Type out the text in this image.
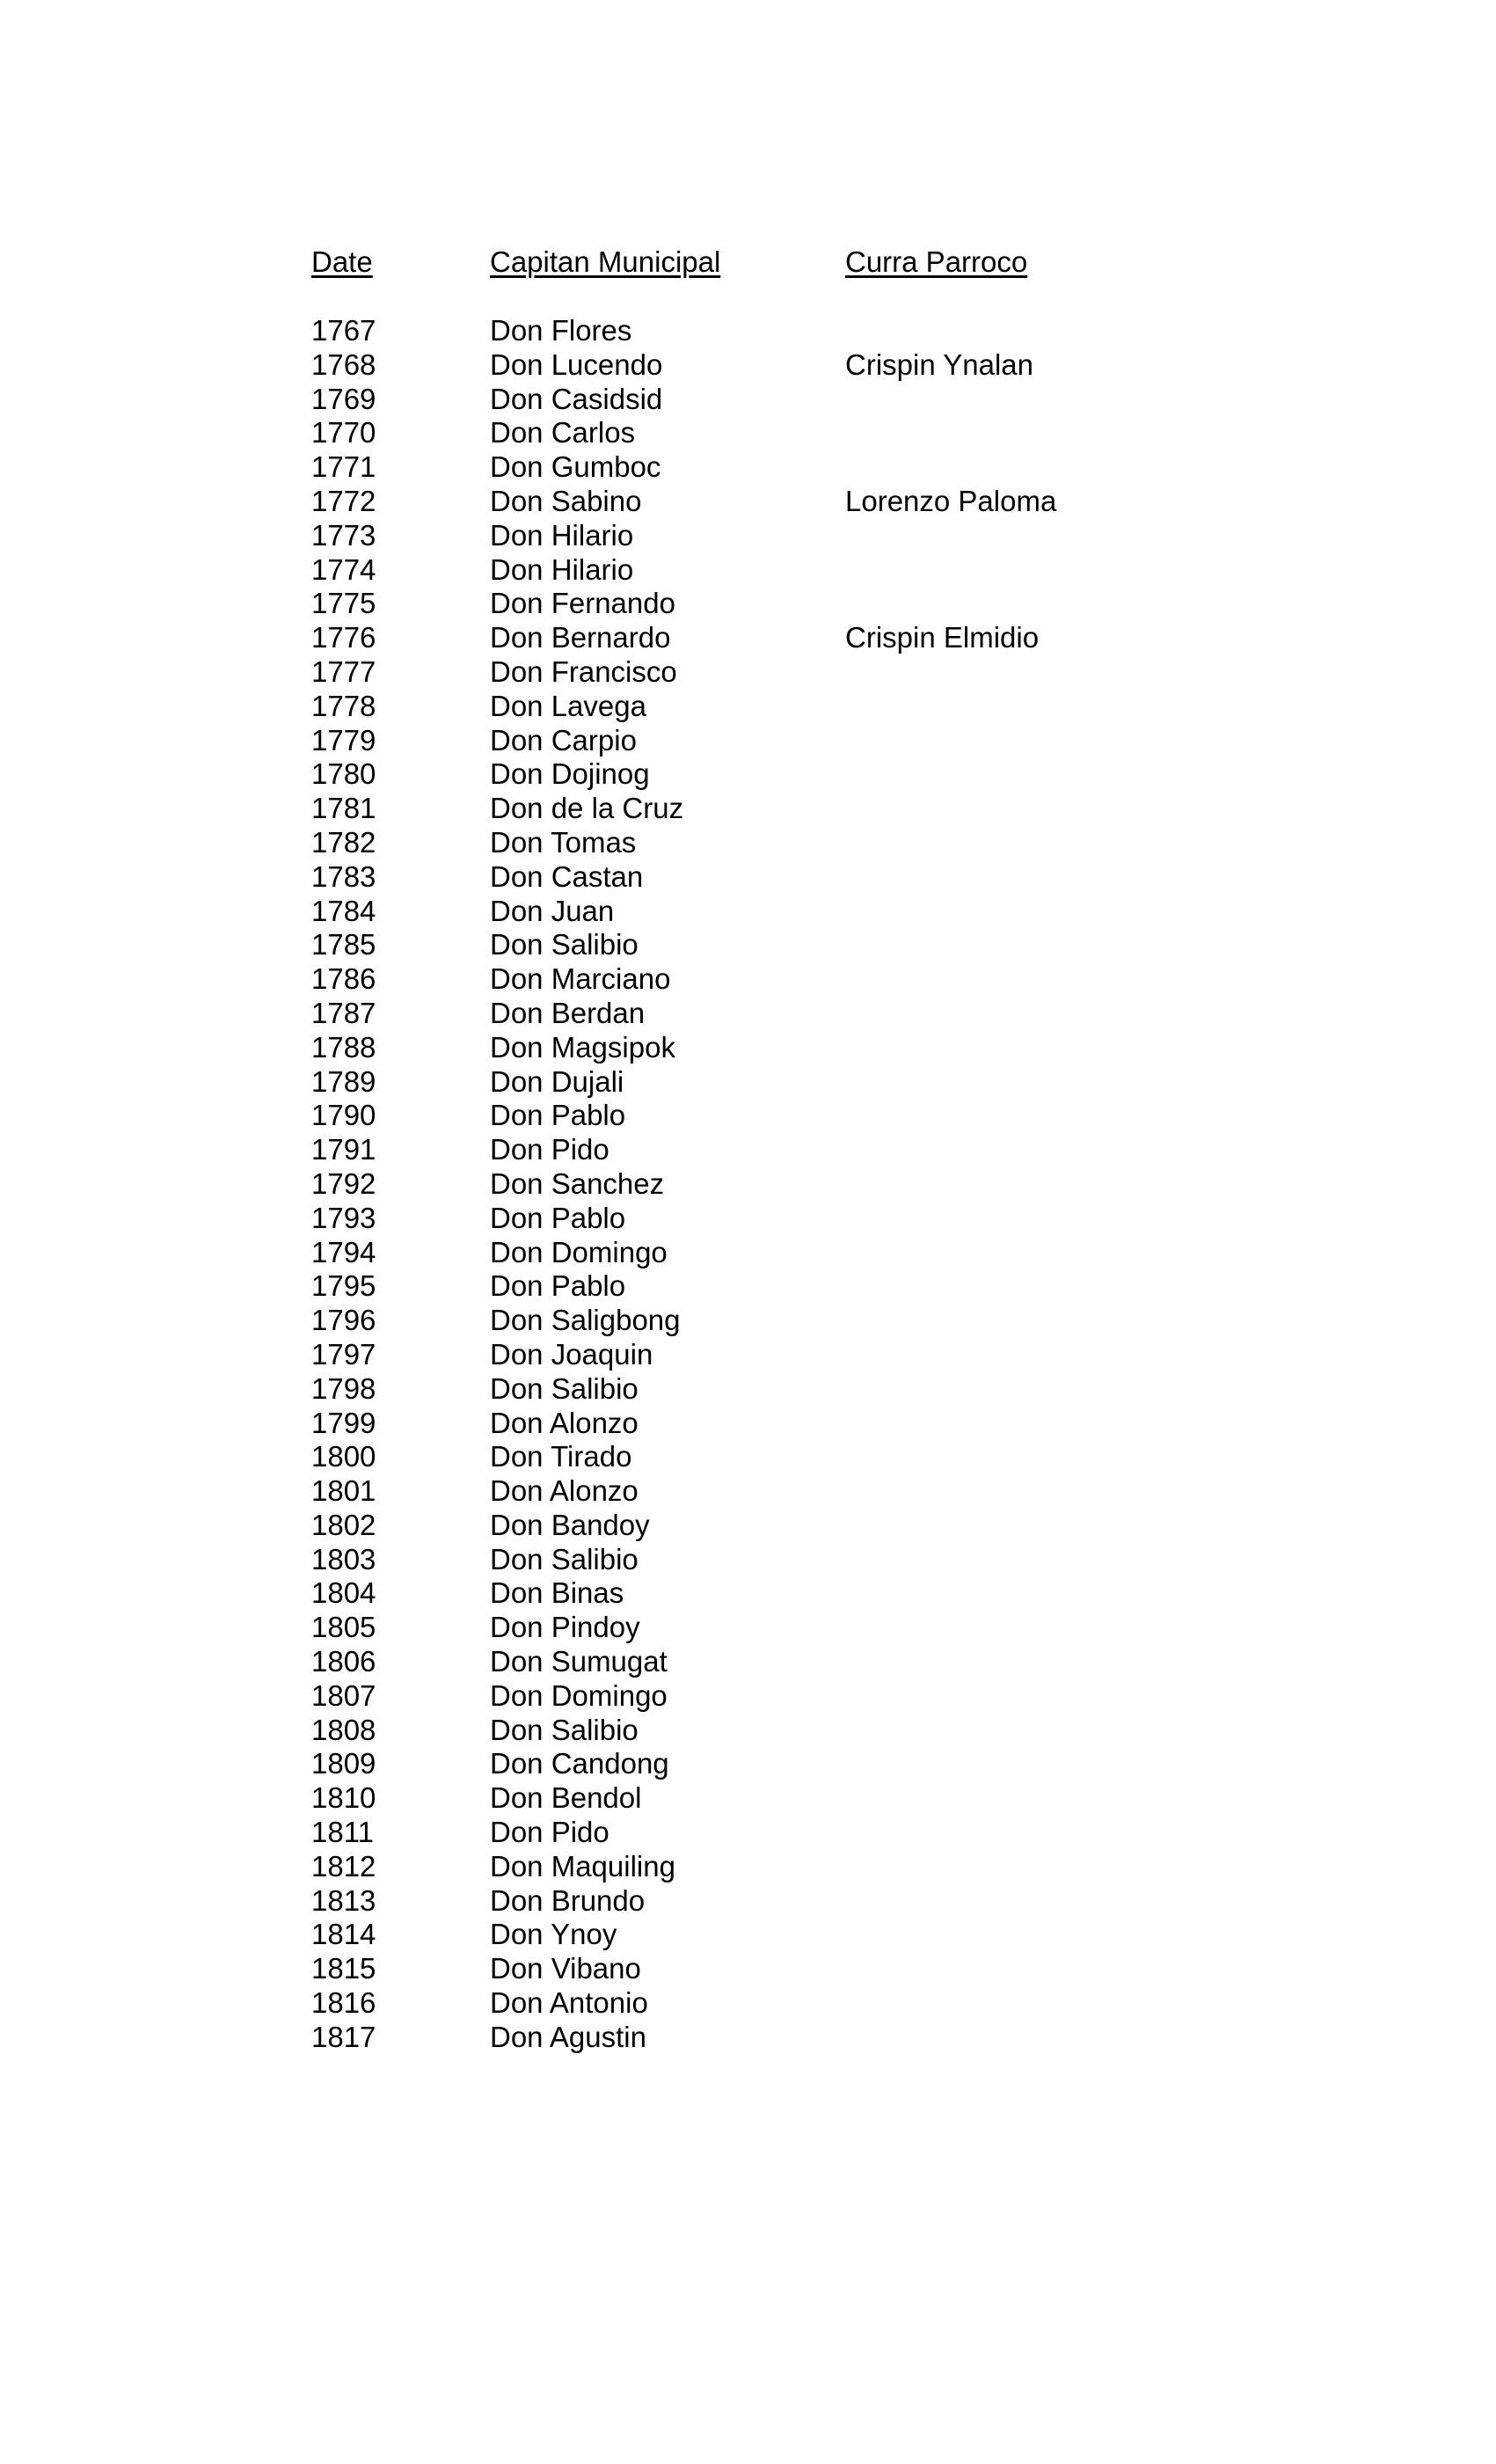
Date	Capitan Municipal	Curra Parroco
1767	Don Flores
1768	Don Lucendo	Crispin Ynalan
1769	Don Casidsid
1770	Don Carlos
1771	Don Gumboc
1772	Don Sabino	Lorenzo Paloma
1773	Don Hilario
1774	Don Hilario
1775	Don Fernando
1776	Don Bernardo	Crispin Elmidio
1777	Don Francisco
1778	Don Lavega
1779	Don Carpio
1780	Don Dojinog
1781	Don de la Cruz
1782	Don Tomas
1783	Don Castan
1784	Don Juan
1785	Don Salibio
1786	Don Marciano
1787	Don Berdan
1788	Don Magsipok
1789	Don Dujali
1790	Don Pablo
1791	Don Pido
1792	Don Sanchez
1793	Don Pablo
1794	Don Domingo
1795	Don Pablo
1796	Don Saligbong
1797	Don Joaquin
1798	Don Salibio
1799	Don Alonzo
1800	Don Tirado
1801	Don Alonzo
1802	Don Bandoy
1803	Don Salibio
1804	Don Binas
1805	Don Pindoy
1806	Don Sumugat
1807	Don Domingo
1808	Don Salibio
1809	Don Candong
1810	Don Bendol
1811	Don Pido
1812	Don Maquiling
1813	Don Brundo
1814	Don Ynoy
1815	Don Vibano
1816	Don Antonio
1817	Don Agustin
